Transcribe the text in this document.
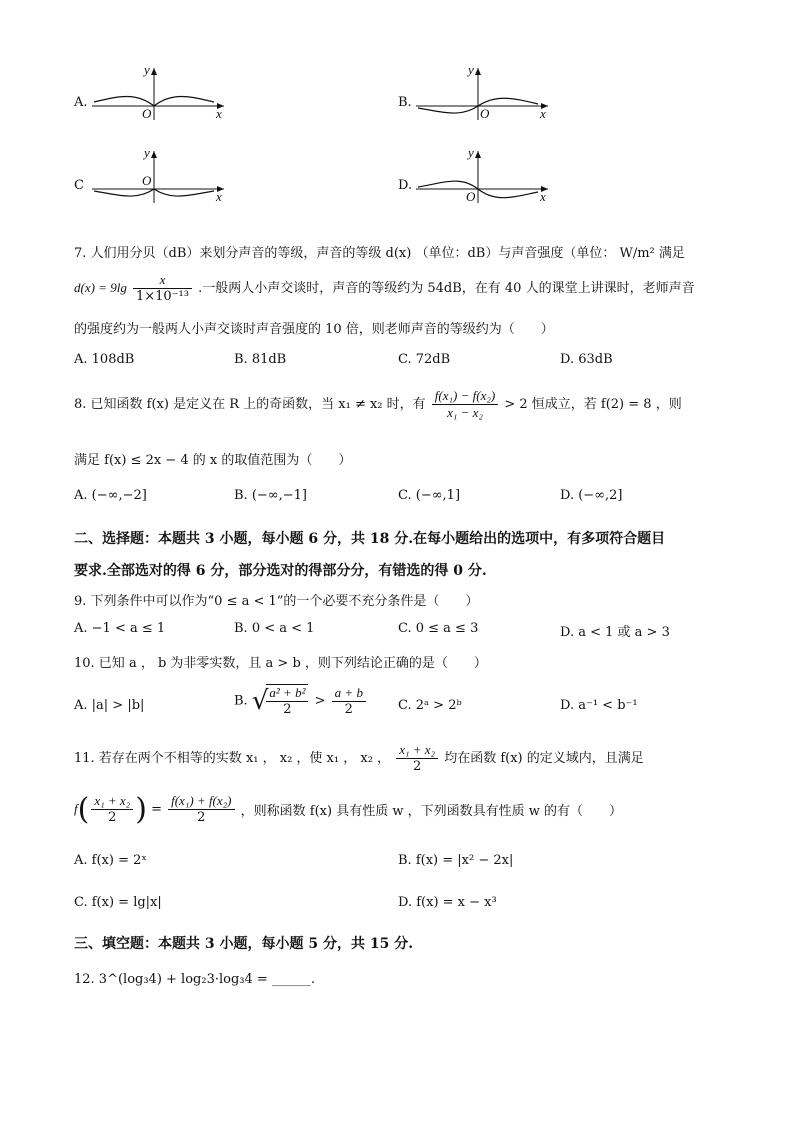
A.
y
O	x
B.
y
O	x
C
y
O
x
D.
y
O	x
7. 人们用分贝（dB）来划分声音的等级，声音的等级 d(x) （单位：dB）与声音强度（单位： W/m² 满足
$d(x) = 9\lg \frac{x}{\text{1×10⁻¹³}}$ .一般两人小声交谈时，声音的等级约为 54dB，在有 40 人的课堂上讲课时，老师声音
的强度约为一般两人小声交谈时声音强度的 10 倍，则老师声音的等级约为（　　）
A. 108dB	B. 81dB	C. 72dB	D. 63dB
8. 已知函数 f(x) 是定义在 R 上的奇函数，当 x₁ ≠ x₂ 时，有 $\frac{\text{f(x₁) − f(x₂)}}{\text{x₁ − x₂}} > 2$ 恒成立，若 f(2) = 8 ，则
满足 f(x) ≤ 2x − 4 的 x 的取值范围为（　　）
A. (−∞,−2]	B. (−∞,−1]	C. (−∞,1]	D. (−∞,2]
二、选择题：本题共 3 小题，每小题 6 分，共 18 分.在每小题给出的选项中，有多项符合题目
要求.全部选对的得 6 分，部分选对的得部分分，有错选的得 0 分.
9. 下列条件中可以作为“0 ≤ a < 1”的一个必要不充分条件是（　　）
A. −1 < a ≤ 1	B. 0 < a < 1	C. 0 ≤ a ≤ 3	D. a < 1 或 a > 3
10. 已知 a ， b 为非零实数，且 a > b ，则下列结论正确的是（　　）
A. |a| > |b|	B. √
$\frac{\text{a² + b²}}{2} > \frac{a + b}{2} C$. 2ᵃ > 2ᵇ	D. a⁻¹ < b⁻¹
11. 若存在两个不相等的实数 x₁ ， x₂ ，使 x₁ ， x₂ ， $\frac{\text{x₁ + x₂}}{2}$ 均在函数 f(x) 的定义域内，且满足
$f( \frac{\text{x₁ + x₂}}{2}$ ) = $\frac{\text{f(x₁) + f(x₂)}}{2}$ ，则称函数 f(x) 具有性质 w ，下列函数具有性质 w 的有（　　）
A. f(x) = 2ˣ	B. f(x) = |x² − 2x|
C. f(x) = lg|x|	D. f(x) = x − x³
三、填空题：本题共 3 小题，每小题 5 分，共 15 分.
12. 3^(log₃4) + log₂3·log₃4 = ______.
